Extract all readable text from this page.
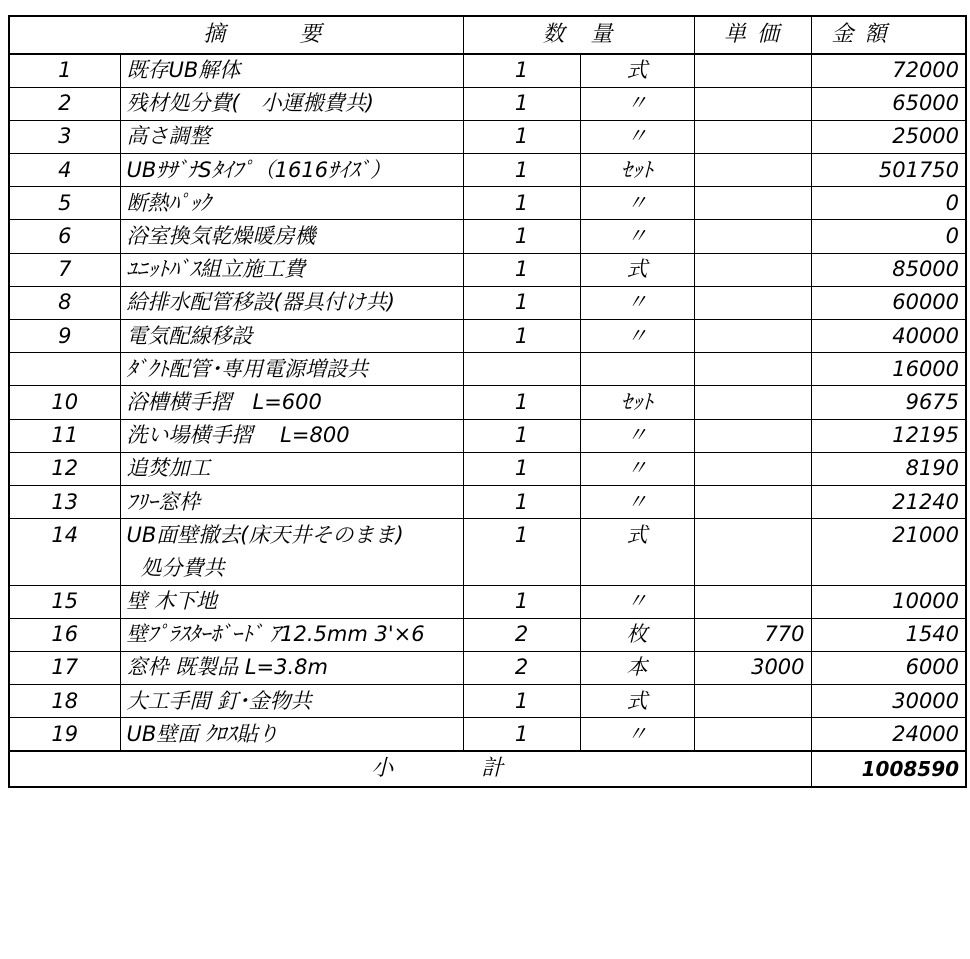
摘　　　要		数　量		単 価	金 額
1	既存UB解体	1	式		72000
2	残材処分費(　小運搬費共)	1	〃		65000
3	高さ調整	1	〃		25000
4	UBｻｻﾞﾅSﾀｲﾌﾟ（1616ｻｲｽﾞ）	1	ｾｯﾄ		501750
5	断熱ﾊﾟｯｸ	1	〃		0
6	浴室換気乾燥暖房機	1	〃		0
7	ﾕﾆｯﾄﾊﾞｽ組立施工費	1	式		85000
8	給排水配管移設(器具付け共)	1	〃		60000
9	電気配線移設	1	〃		40000
	ﾀﾞｸﾄ配管･専用電源増設共				16000
10	浴槽横手摺　L=600	1	ｾｯﾄ		9675
11	洗い場横手摺　 L=800	1	〃		12195
12	追焚加工	1	〃		8190
13	ﾌﾘｰ窓枠	1	〃		21240
14	UB面壁撤去(床天井そのまま)	1	式		21000
	処分費共				
15	壁 木下地	1	〃		10000
16	壁ﾌﾟﾗｽﾀｰﾎﾞｰﾄﾞ ｱ12.5mm 3'×6	2	枚	770	1540
17	窓枠 既製品 L=3.8m	2	本	3000	6000
18	大工手間 釘･金物共	1	式		30000
19	UB壁面 ｸﾛｽ貼り	1	〃		24000
小　　　　計					1008590
